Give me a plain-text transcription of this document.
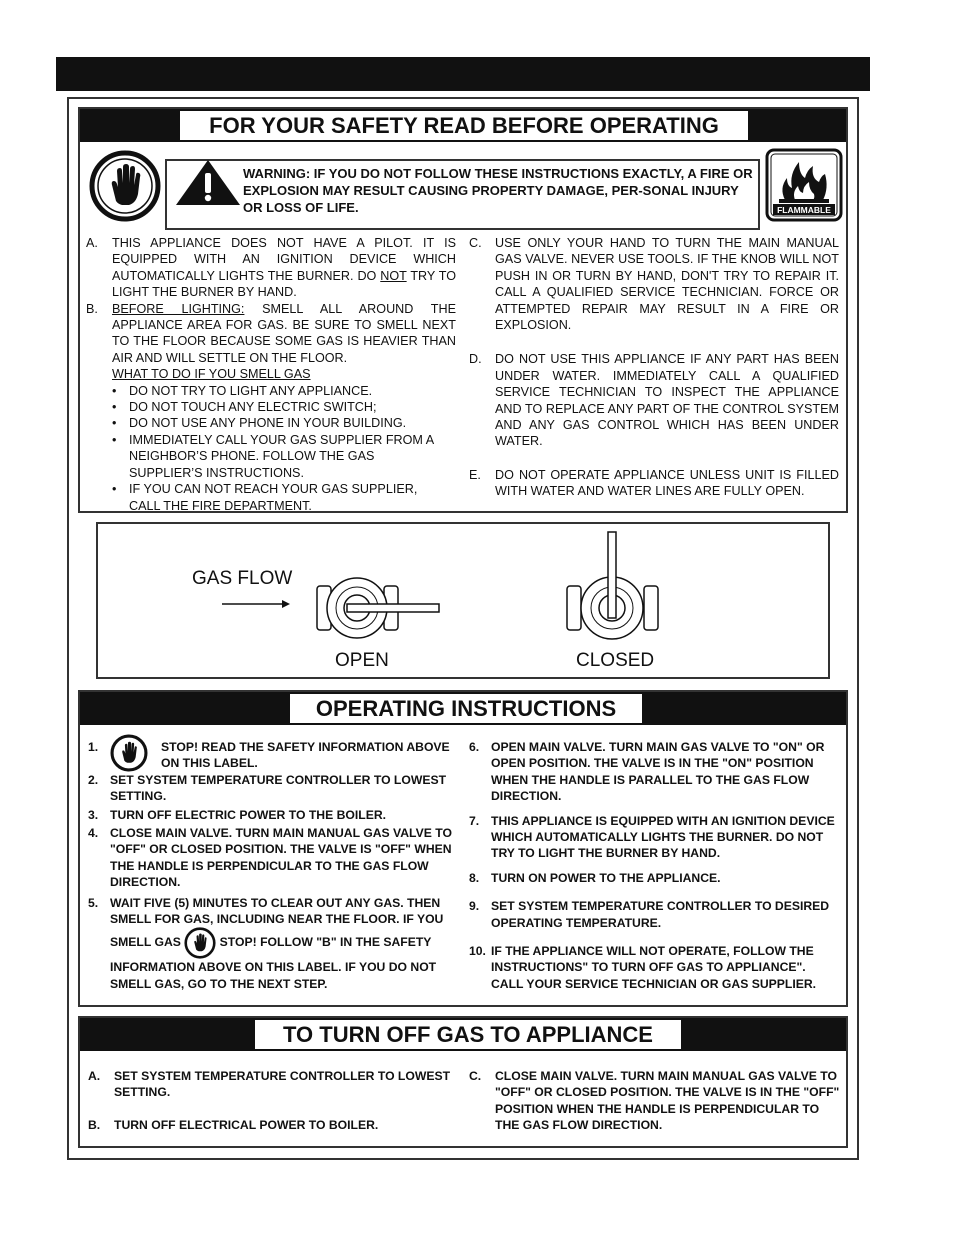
FOR YOUR SAFETY READ BEFORE OPERATING
WARNING: IF YOU DO NOT FOLLOW THESE INSTRUCTIONS EXACTLY, A FIRE OR EXPLOSION MAY RESULT CAUSING PROPERTY DAMAGE, PER-SONAL INJURY OR LOSS OF LIFE.	FLAMMABLE

A. THIS APPLIANCE DOES NOT HAVE A PILOT. IT IS EQUIPPED WITH AN IGNITION DEVICE WHICH AUTOMATICALLY LIGHTS THE BURNER. DO NOT TRY TO LIGHT THE BURNER BY HAND.

B. BEFORE LIGHTING: SMELL ALL AROUND THE APPLIANCE AREA FOR GAS. BE SURE TO SMELL NEXT TO THE FLOOR BECAUSE SOME GAS IS HEAVIER THAN AIR AND WILL SETTLE ON THE FLOOR.

WHAT TO DO IF YOU SMELL GAS
• DO NOT TRY TO LIGHT ANY APPLIANCE.
• DO NOT TOUCH ANY ELECTRIC SWITCH;
• DO NOT USE ANY PHONE IN YOUR BUILDING.
• IMMEDIATELY CALL YOUR GAS SUPPLIER FROM A NEIGHBOR’S PHONE. FOLLOW THE GAS SUPPLIER’S INSTRUCTIONS.
• IF YOU CAN NOT REACH YOUR GAS SUPPLIER, CALL THE FIRE DEPARTMENT.

C. USE ONLY YOUR HAND TO TURN THE MAIN MANUAL GAS VALVE. NEVER USE TOOLS. IF THE KNOB WILL NOT PUSH IN OR TURN BY HAND, DON'T TRY TO REPAIR IT. CALL A QUALIFIED SERVICE TECHNICIAN. FORCE OR ATTEMPTED REPAIR MAY RESULT IN A FIRE OR EXPLOSION.

D. DO NOT USE THIS APPLIANCE IF ANY PART HAS BEEN UNDER WATER. IMMEDIATELY CALL A QUALIFIED SERVICE TECHNICIAN TO INSPECT THE APPLIANCE AND TO REPLACE ANY PART OF THE CONTROL SYSTEM AND ANY GAS CONTROL WHICH HAS BEEN UNDER WATER.

E. DO NOT OPERATE APPLIANCE UNLESS UNIT IS FILLED WITH WATER AND WATER LINES ARE FULLY OPEN.

GAS FLOW
OPEN	CLOSED
OPERATING INSTRUCTIONS
1.	STOP! READ THE SAFETY INFORMATION ABOVE ON THIS LABEL.
2. SET SYSTEM TEMPERATURE CONTROLLER TO LOWEST SETTING.
3. TURN OFF ELECTRIC POWER TO THE BOILER.
4. CLOSE MAIN VALVE. TURN MAIN MANUAL GAS VALVE TO "OFF" OR CLOSED POSITION. THE VALVE IS "OFF" WHEN THE HANDLE IS PERPENDICULAR TO THE GAS FLOW DIRECTION.
5. WAIT FIVE (5) MINUTES TO CLEAR OUT ANY GAS. THEN SMELL FOR GAS, INCLUDING NEAR THE FLOOR. IF YOU SMELL GAS	STOP! FOLLOW "B" IN THE SAFETY INFORMATION ABOVE ON THIS LABEL. IF YOU DO NOT SMELL GAS, GO TO THE NEXT STEP.
6. OPEN MAIN VALVE. TURN MAIN GAS VALVE TO "ON" OR OPEN POSITION. THE VALVE IS IN THE "ON" POSITION WHEN THE HANDLE IS PARALLEL TO THE GAS FLOW DIRECTION.
7. THIS APPLIANCE IS EQUIPPED WITH AN IGNITION DEVICE WHICH AUTOMATICALLY LIGHTS THE BURNER. DO NOT TRY TO LIGHT THE BURNER BY HAND.
8. TURN ON POWER TO THE APPLIANCE.
9. SET SYSTEM TEMPERATURE CONTROLLER TO DESIRED OPERATING TEMPERATURE.
10. IF THE APPLIANCE WILL NOT OPERATE, FOLLOW THE INSTRUCTIONS" TO TURN OFF GAS TO APPLIANCE". CALL YOUR SERVICE TECHNICIAN OR GAS SUPPLIER.
TO TURN OFF GAS TO APPLIANCE
A. SET SYSTEM TEMPERATURE CONTROLLER TO LOWEST SETTING.
B. TURN OFF ELECTRICAL POWER TO BOILER.
C. CLOSE MAIN VALVE. TURN MAIN MANUAL GAS VALVE TO "OFF" OR CLOSED POSITION. THE VALVE IS IN THE "OFF" POSITION WHEN THE HANDLE IS PERPENDICULAR TO THE GAS FLOW DIRECTION.
